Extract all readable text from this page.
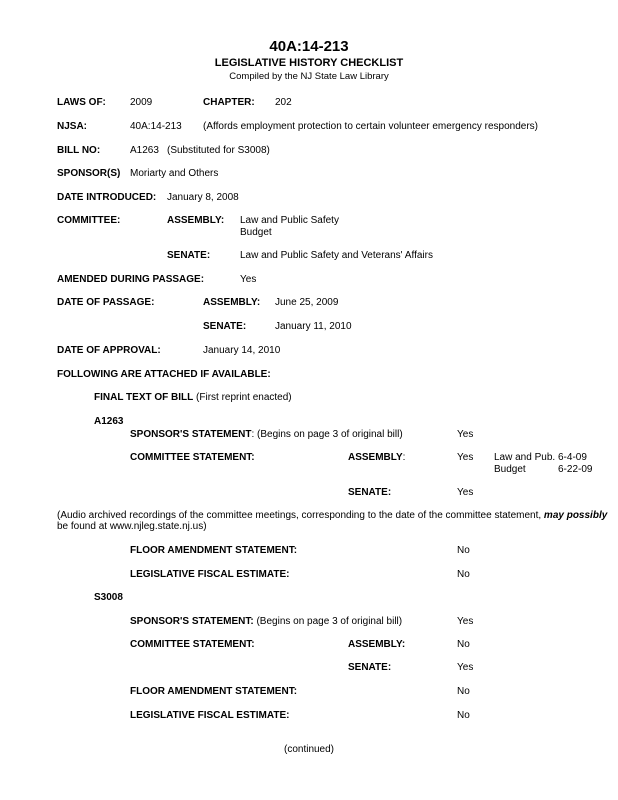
40A:14-213
LEGISLATIVE HISTORY CHECKLIST
Compiled by the NJ State Law Library
LAWS OF: 2009	CHAPTER: 202
NJSA:	40A:14-213 (Affords employment protection to certain volunteer emergency responders)
BILL NO:	A1263 (Substituted for S3008)
SPONSOR(S) Moriarty and Others
DATE INTRODUCED: January 8, 2008
COMMITTEE:	ASSEMBLY: Law and Public Safety
Budget
SENATE:	Law and Public Safety and Veterans' Affairs
AMENDED DURING PASSAGE:	Yes
DATE OF PASSAGE:	ASSEMBLY: June 25, 2009
SENATE:	January 11, 2010
DATE OF APPROVAL:	January 14, 2010
FOLLOWING ARE ATTACHED IF AVAILABLE:
FINAL TEXT OF BILL (First reprint enacted)
A1263
SPONSOR'S STATEMENT: (Begins on page 3 of original bill)	Yes
COMMITTEE STATEMENT:	ASSEMBLY:	Yes Law and Pub. 6-4-09
Budget	6-22-09
SENATE:	Yes
(Audio archived recordings of the committee meetings, corresponding to the date of the committee statement, may possibly
be found at www.njleg.state.nj.us)
FLOOR AMENDMENT STATEMENT:	No
LEGISLATIVE FISCAL ESTIMATE:	No
S3008
SPONSOR'S STATEMENT: (Begins on page 3 of original bill)	Yes
COMMITTEE STATEMENT:	ASSEMBLY:	No
SENATE:	Yes
FLOOR AMENDMENT STATEMENT:	No
LEGISLATIVE FISCAL ESTIMATE:	No
(continued)
